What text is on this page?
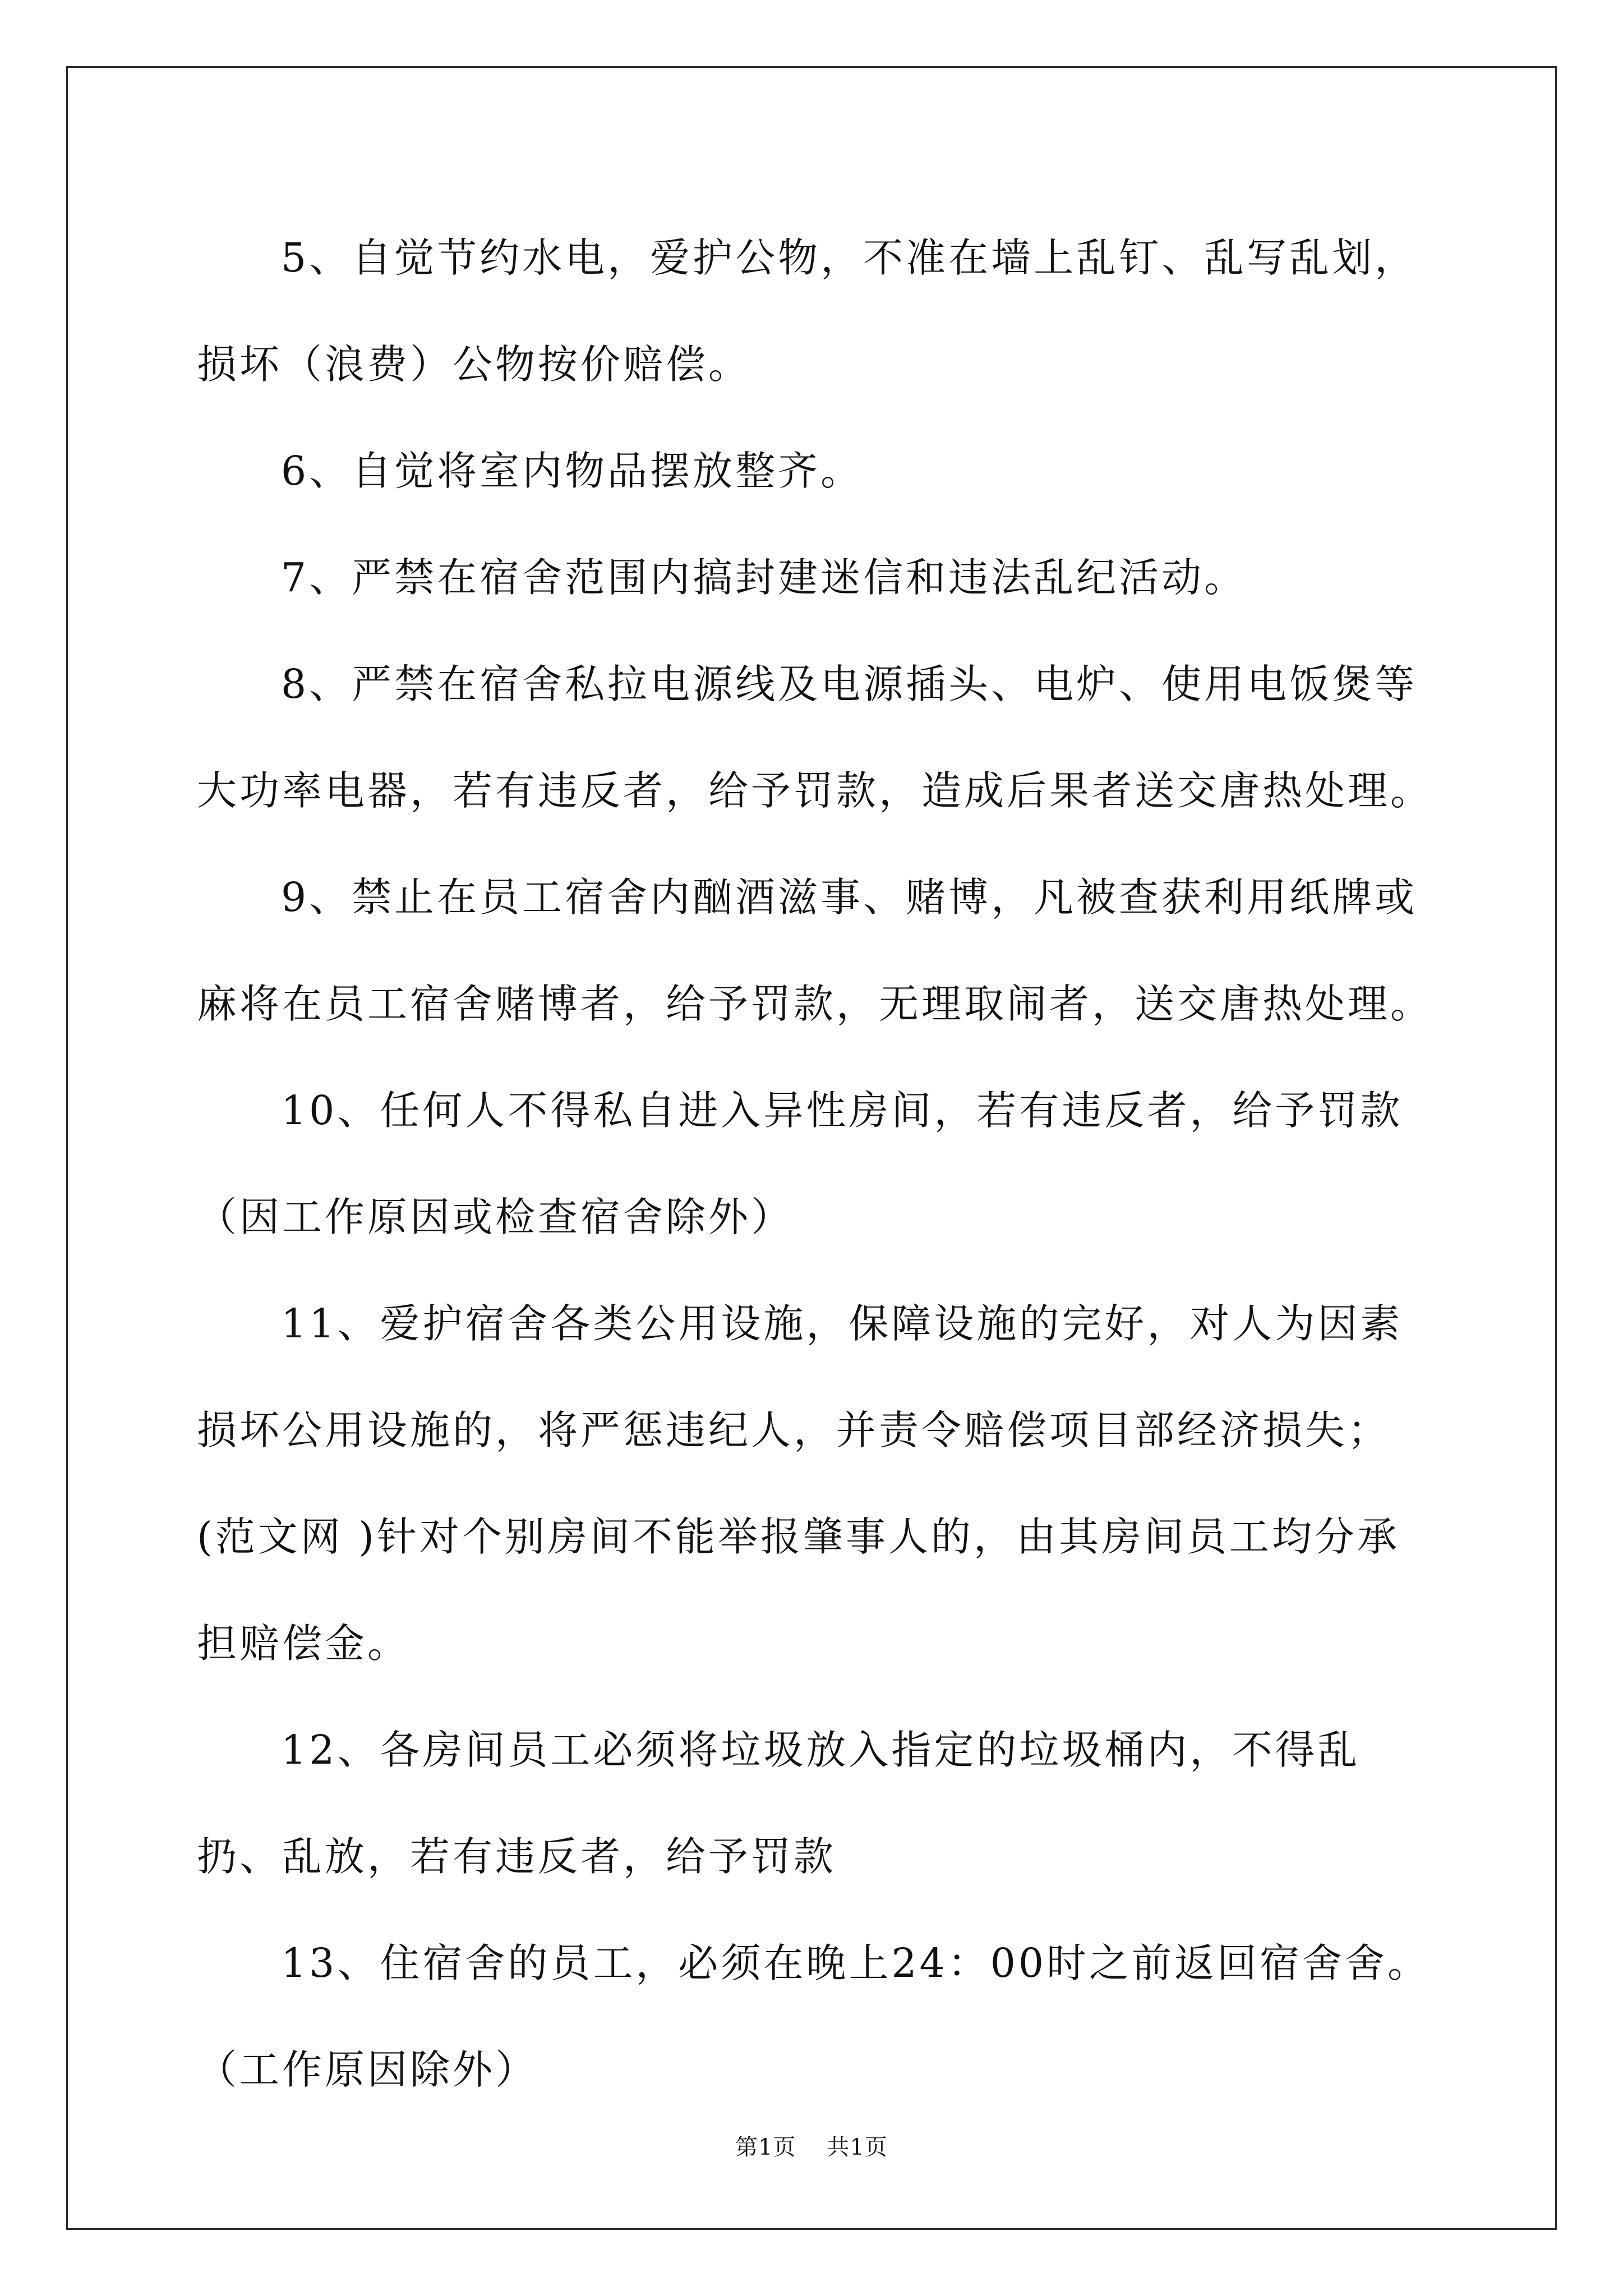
5、自觉节约水电，爱护公物，不准在墙上乱钉、乱写乱划，损坏（浪费）公物按价赔偿。

6、自觉将室内物品摆放整齐。

7、严禁在宿舍范围内搞封建迷信和违法乱纪活动。

8、严禁在宿舍私拉电源线及电源插头、电炉、使用电饭煲等大功率电器，若有违反者，给予罚款，造成后果者送交唐热处理。

9、禁止在员工宿舍内酗酒滋事、赌博，凡被查获利用纸牌或麻将在员工宿舍赌博者，给予罚款，无理取闹者，送交唐热处理。

10、任何人不得私自进入异性房间，若有违反者，给予罚款（因工作原因或检查宿舍除外）

11、爱护宿舍各类公用设施，保障设施的完好，对人为因素损坏公用设施的，将严惩违纪人，并责令赔偿项目部经济损失；(范文网 )针对个别房间不能举报肇事人的，由其房间员工均分承担赔偿金。

12、各房间员工必须将垃圾放入指定的垃圾桶内，不得乱扔、乱放，若有违反者，给予罚款

13、住宿舍的员工，必须在晚上24：00时之前返回宿舍舍。（工作原因除外）

第1页 共1页
